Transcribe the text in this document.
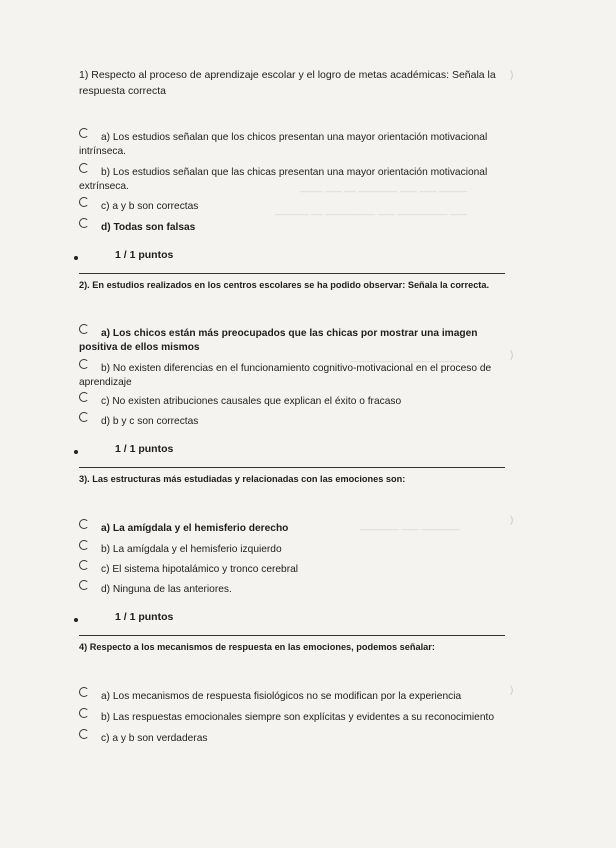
_____ ___ ___ _______ __ ___ ____
___ _________ ___ _________ __ ______
__________ _ ________
_______ ___ _______
)
)
)
)
1) Respecto al proceso de aprendizaje escolar y el logro de metas académicas: Señala la respuesta correcta
a) Los estudios señalan que los chicos presentan una mayor orientación motivacional intrínseca.
b) Los estudios señalan que las chicas presentan una mayor orientación motivacional extrínseca.
c) a y b son correctas
d) Todas son falsas
1 / 1 puntos
2). En estudios realizados en los centros escolares se ha podido observar: Señala la correcta.
a) Los chicos están más preocupados que las chicas por mostrar una imagen positiva de ellos mismos
b) No existen diferencias en el funcionamiento cognitivo-motivacional en el proceso de aprendizaje
c) No existen atribuciones causales que explican el éxito o fracaso
d) b y c son correctas
1 / 1 puntos
3). Las estructuras más estudiadas y relacionadas con las emociones son:
a) La amígdala y el hemisferio derecho
b) La amígdala y el hemisferio izquierdo
c) El sistema hipotalámico y tronco cerebral
d) Ninguna de las anteriores.
1 / 1 puntos
4) Respecto a los mecanismos de respuesta en las emociones, podemos señalar:
a) Los mecanismos de respuesta fisiológicos no se modifican por la experiencia
b) Las respuestas emocionales siempre son explícitas y evidentes a su reconocimiento
c) a y b son verdaderas
